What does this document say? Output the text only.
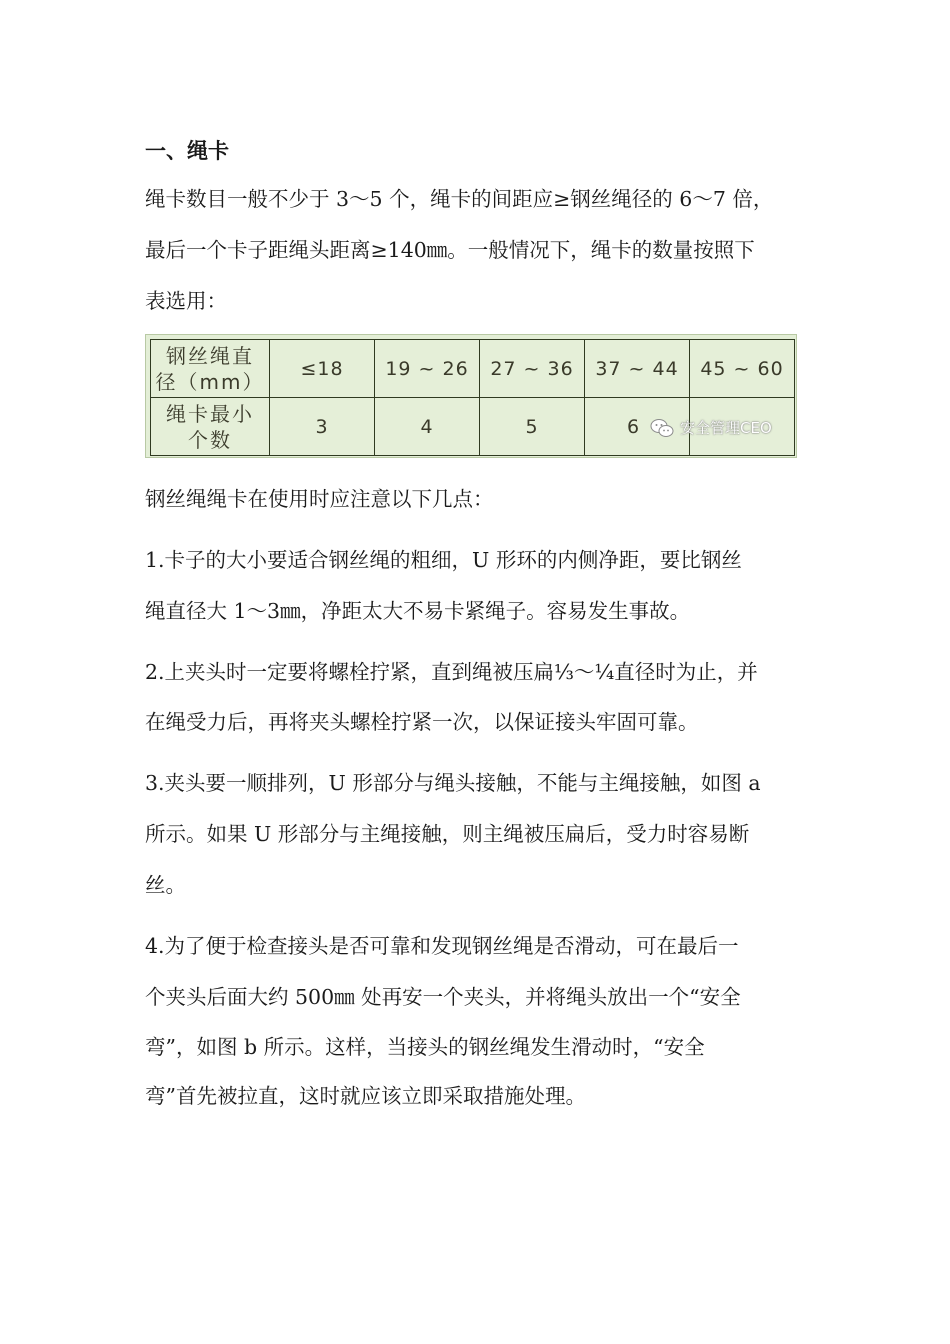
一、绳卡
绳卡数目一般不少于 3～5 个，绳卡的间距应≥钢丝绳径的 6～7 倍，
最后一个卡子距绳头距离≥140㎜。一般情况下，绳卡的数量按照下
表选用：
钢丝绳直
径（mm）	≤18	19 ~ 26	27 ~ 36	37 ~ 44	45 ~ 60

绳卡最小
个数	3	4	5	6		安全管理CEO
钢丝绳绳卡在使用时应注意以下几点：
1.卡子的大小要适合钢丝绳的粗细，U 形环的内侧净距，要比钢丝
绳直径大 1～3㎜，净距太大不易卡紧绳子。容易发生事故。
2.上夹头时一定要将螺栓拧紧，直到绳被压扁⅓～¼直径时为止，并
在绳受力后，再将夹头螺栓拧紧一次，以保证接头牢固可靠。
3.夹头要一顺排列，U 形部分与绳头接触，不能与主绳接触，如图 a
所示。如果 U 形部分与主绳接触，则主绳被压扁后，受力时容易断
丝。
4.为了便于检查接头是否可靠和发现钢丝绳是否滑动，可在最后一
个夹头后面大约 500㎜ 处再安一个夹头，并将绳头放出一个“安全
弯”，如图 b 所示。这样，当接头的钢丝绳发生滑动时，“安全
弯”首先被拉直，这时就应该立即采取措施处理。
